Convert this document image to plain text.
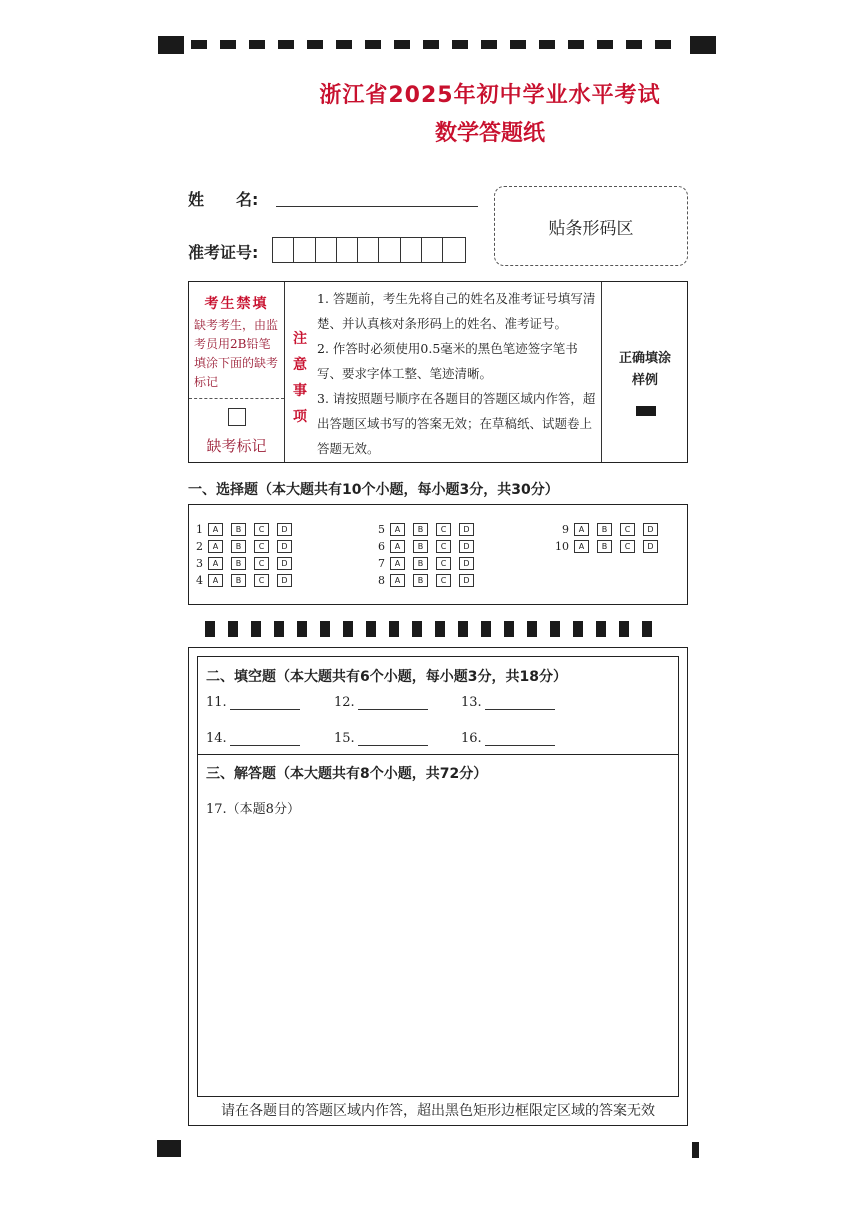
浙江省2025年初中学业水平考试
数学答题纸
姓　　名:
准考证号:
贴条形码区
考生禁填
缺考考生，由监考员用2B铅笔填涂下面的缺考标记
缺考标记
注
意
事
项
1. 答题前，考生先将自己的姓名及准考证号填写清楚、并认真核对条形码上的姓名、准考证号。
2. 作答时必须使用0.5毫米的黑色笔迹签字笔书写、要求字体工整、笔迹清晰。
3. 请按照题号顺序在各题目的答题区域内作答，超出答题区域书写的答案无效；在草稿纸、试题卷上答题无效。
正确填涂
样例
一、选择题（本大题共有10个小题，每小题3分，共30分）
1	A	B	C	D
2	A	B	C	D
3	A	B	C	D
4	A	B	C	D
5	A	B	C	D
6	A	B	C	D
7	A	B	C	D
8	A	B	C	D
9	A	B	C	D
10	A	B	C	D
二、填空题（本大题共有6个小题，每小题3分，共18分）
11.	12.	13.
14.	15.	16.
三、解答题（本大题共有8个小题，共72分）
17.（本题8分）
请在各题目的答题区域内作答，超出黑色矩形边框限定区域的答案无效
